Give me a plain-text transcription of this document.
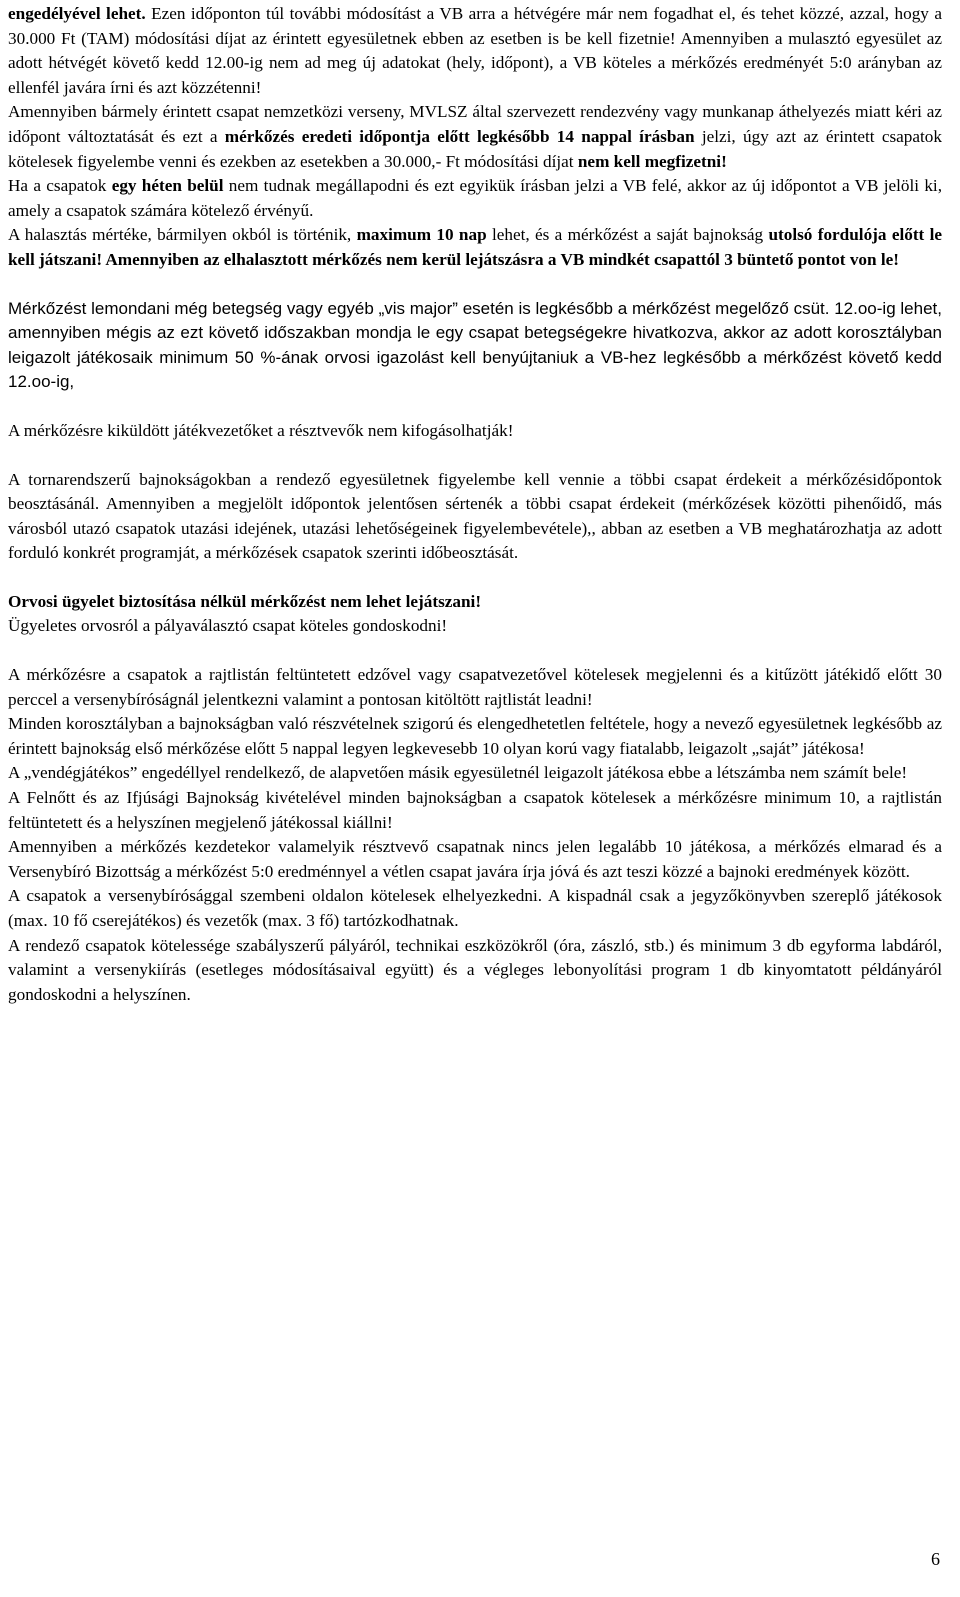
engedélyével lehet. Ezen időponton túl további módosítást a VB arra a hétvégére már nem fogadhat el, és tehet közzé, azzal, hogy a 30.000 Ft (TAM) módosítási díjat az érintett egyesületnek ebben az esetben is be kell fizetnie! Amennyiben a mulasztó egyesület az adott hétvégét követő kedd 12.00-ig nem ad meg új adatokat (hely, időpont), a VB köteles a mérkőzés eredményét 5:0 arányban az ellenfél javára írni és azt közzétenni!

Amennyiben bármely érintett csapat nemzetközi verseny, MVLSZ által szervezett rendezvény vagy munkanap áthelyezés miatt kéri az időpont változtatását és ezt a mérkőzés eredeti időpontja előtt legkésőbb 14 nappal írásban jelzi, úgy azt az érintett csapatok kötelesek figyelembe venni és ezekben az esetekben a 30.000,- Ft módosítási díjat nem kell megfizetni!

Ha a csapatok egy héten belül nem tudnak megállapodni és ezt egyikük írásban jelzi a VB felé, akkor az új időpontot a VB jelöli ki, amely a csapatok számára kötelező érvényű.

A halasztás mértéke, bármilyen okból is történik, maximum 10 nap lehet, és a mérkőzést a saját bajnokság utolsó fordulója előtt le kell játszani! Amennyiben az elhalasztott mérkőzés nem kerül lejátszásra a VB mindkét csapattól 3 büntető pontot von le!

Mérkőzést lemondani még betegség vagy egyéb „vis major” esetén is legkésőbb a mérkőzést megelőző csüt. 12.oo-ig lehet, amennyiben mégis az ezt követő időszakban mondja le egy csapat betegségekre hivatkozva, akkor az adott korosztályban leigazolt játékosaik minimum 50 %-ának orvosi igazolást kell benyújtaniuk a VB-hez legkésőbb a mérkőzést követő kedd 12.oo-ig,

A mérkőzésre kiküldött játékvezetőket a résztvevők nem kifogásolhatják!

A tornarendszerű bajnokságokban a rendező egyesületnek figyelembe kell vennie a többi csapat érdekeit a mérkőzésidőpontok beosztásánál. Amennyiben a megjelölt időpontok jelentősen sértenék a többi csapat érdekeit (mérkőzések közötti pihenőidő, más városból utazó csapatok utazási idejének, utazási lehetőségeinek figyelembevétele),, abban az esetben a VB meghatározhatja az adott forduló konkrét programját, a mérkőzések csapatok szerinti időbeosztását.

Orvosi ügyelet biztosítása nélkül mérkőzést nem lehet lejátszani!

Ügyeletes orvosról a pályaválasztó csapat köteles gondoskodni!

A mérkőzésre a csapatok a rajtlistán feltüntetett edzővel vagy csapatvezetővel kötelesek megjelenni és a kitűzött játékidő előtt 30 perccel a versenybíróságnál jelentkezni valamint a pontosan kitöltött rajtlistát leadni!

Minden korosztályban a bajnokságban való részvételnek szigorú és elengedhetetlen feltétele, hogy a nevező egyesületnek legkésőbb az érintett bajnokság első mérkőzése előtt 5 nappal legyen legkevesebb 10 olyan korú vagy fiatalabb, leigazolt „saját” játékosa!

A „vendégjátékos” engedéllyel rendelkező, de alapvetően másik egyesületnél leigazolt játékosa ebbe a létszámba nem számít bele!

A Felnőtt és az Ifjúsági Bajnokság kivételével minden bajnokságban a csapatok kötelesek a mérkőzésre minimum 10, a rajtlistán feltüntetett és a helyszínen megjelenő játékossal kiállni!

Amennyiben a mérkőzés kezdetekor valamelyik résztvevő csapatnak nincs jelen legalább 10 játékosa, a mérkőzés elmarad és a Versenybíró Bizottság a mérkőzést 5:0 eredménnyel a vétlen csapat javára írja jóvá és azt teszi közzé a bajnoki eredmények között.

A csapatok a versenybírósággal szembeni oldalon kötelesek elhelyezkedni. A kispadnál csak a jegyzőkönyvben szereplő játékosok (max. 10 fő cserejátékos) és vezetők (max. 3 fő) tartózkodhatnak.

A rendező csapatok kötelessége szabályszerű pályáról, technikai eszközökről (óra, zászló, stb.) és minimum 3 db egyforma labdáról, valamint a versenykiírás (esetleges módosításaival együtt) és a végleges lebonyolítási program 1 db kinyomtatott példányáról gondoskodni a helyszínen.

6
